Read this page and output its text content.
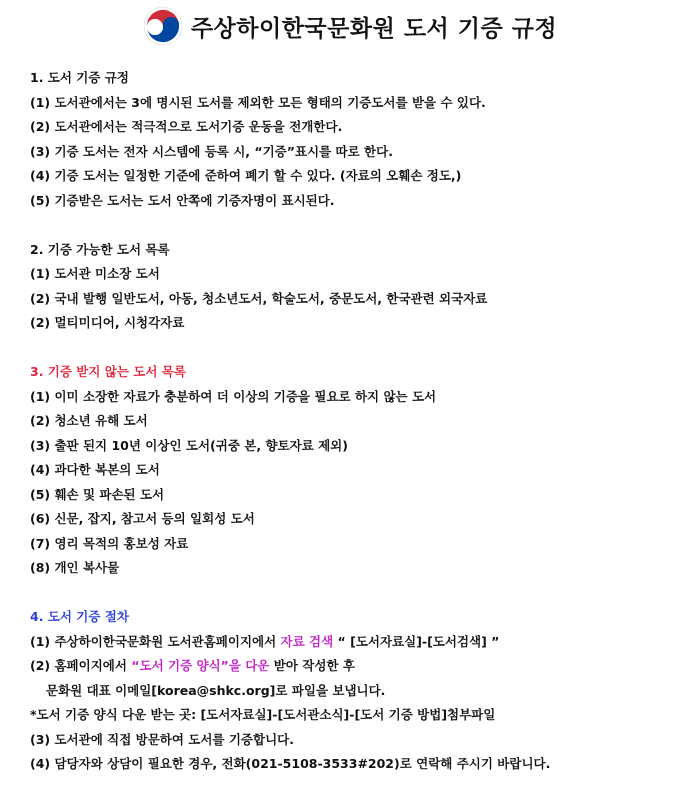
주상하이한국문화원 도서 기증 규정
1. 도서 기증 규정
(1) 도서관에서는 3에 명시된 도서를 제외한 모든 형태의 기증도서를 받을 수 있다.
(2) 도서관에서는 적극적으로 도서기증 운동을 전개한다.
(3) 기증 도서는 전자 시스템에 등록 시, “기증”표시를 따로 한다.
(4) 기증 도서는 일정한 기준에 준하여 폐기 할 수 있다. (자료의 오훼손 정도,)
(5) 기증받은 도서는 도서 안쪽에 기증자명이 표시된다.
2. 기증 가능한 도서 목록
(1) 도서관 미소장 도서
(2) 국내 발행 일반도서, 아동, 청소년도서, 학술도서, 중문도서, 한국관련 외국자료
(2) 멀티미디어, 시청각자료
3. 기증 받지 않는 도서 목록
(1) 이미 소장한 자료가 충분하여 더 이상의 기증을 필요로 하지 않는 도서
(2) 청소년 유해 도서
(3) 출판 된지 10년 이상인 도서(귀중 본, 향토자료 제외)
(4) 과다한 복본의 도서
(5) 훼손 및 파손된 도서
(6) 신문, 잡지, 참고서 등의 일회성 도서
(7) 영리 목적의 홍보성 자료
(8) 개인 복사물
4. 도서 기증 절차
(1) 주상하이한국문화원 도서관홈페이지에서 자료 검색 “ [도서자료실]-[도서검색] ”
(2) 홈페이지에서 “도서 기증 양식”을 다운 받아 작성한 후
문화원 대표 이메일[korea@shkc.org]로 파일을 보냅니다.
*도서 기증 양식 다운 받는 곳: [도서자료실]-[도서관소식]-[도서 기증 방법]첨부파일
(3) 도서관에 직접 방문하여 도서를 기증합니다.
(4) 담당자와 상담이 필요한 경우, 전화(021-5108-3533#202)로 연락해 주시기 바랍니다.
